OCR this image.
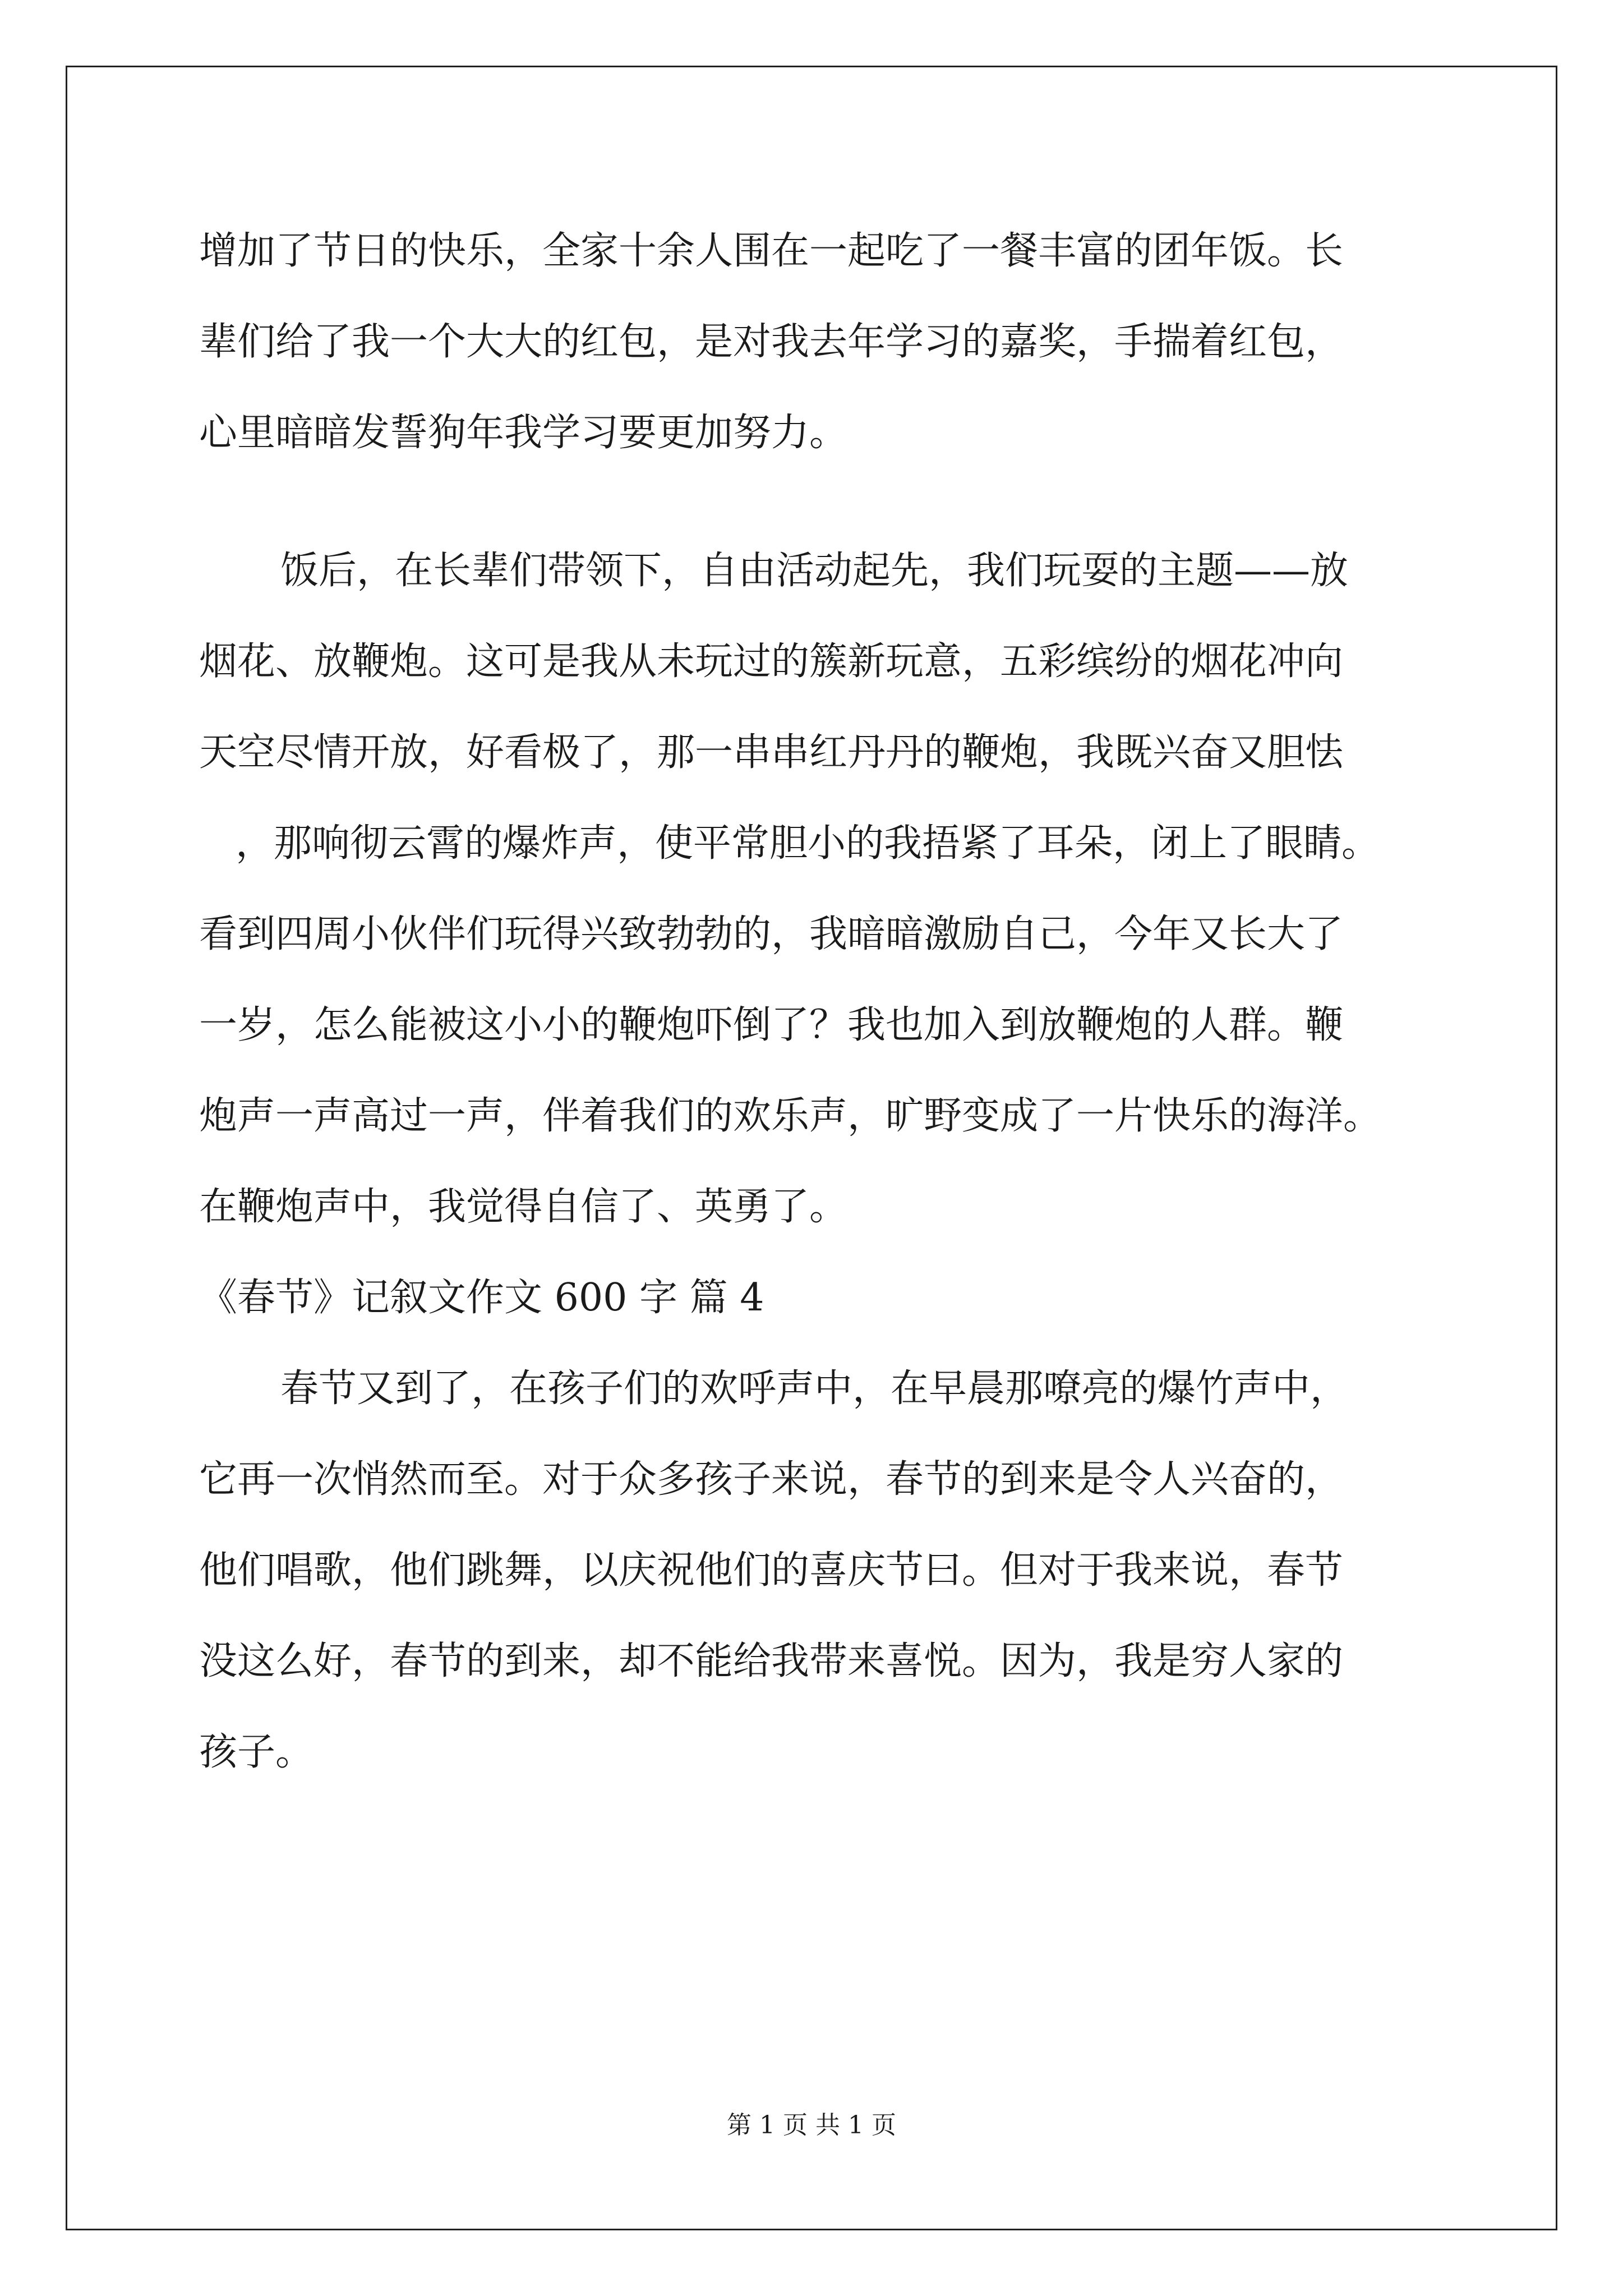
增加了节日的快乐，全家十余人围在一起吃了一餐丰富的团年饭。长
辈们给了我一个大大的红包，是对我去年学习的嘉奖，手揣着红包，
心里暗暗发誓狗年我学习要更加努力。
饭后，在长辈们带领下，自由活动起先，我们玩耍的主题——放
烟花、放鞭炮。这可是我从未玩过的簇新玩意，五彩缤纷的烟花冲向
天空尽情开放，好看极了，那一串串红丹丹的鞭炮，我既兴奋又胆怯
，那响彻云霄的爆炸声，使平常胆小的我捂紧了耳朵，闭上了眼睛。
看到四周小伙伴们玩得兴致勃勃的，我暗暗激励自己，今年又长大了
一岁，怎么能被这小小的鞭炮吓倒了？我也加入到放鞭炮的人群。鞭
炮声一声高过一声，伴着我们的欢乐声，旷野变成了一片快乐的海洋。
在鞭炮声中，我觉得自信了、英勇了。
《春节》记叙文作文 600 字 篇 4
春节又到了，在孩子们的欢呼声中，在早晨那嘹亮的爆竹声中，
它再一次悄然而至。对于众多孩子来说，春节的到来是令人兴奋的，
他们唱歌，他们跳舞，以庆祝他们的喜庆节曰。但对于我来说，春节
没这么好，春节的到来，却不能给我带来喜悦。因为，我是穷人家的
孩子。
第 1 页 共 1 页
